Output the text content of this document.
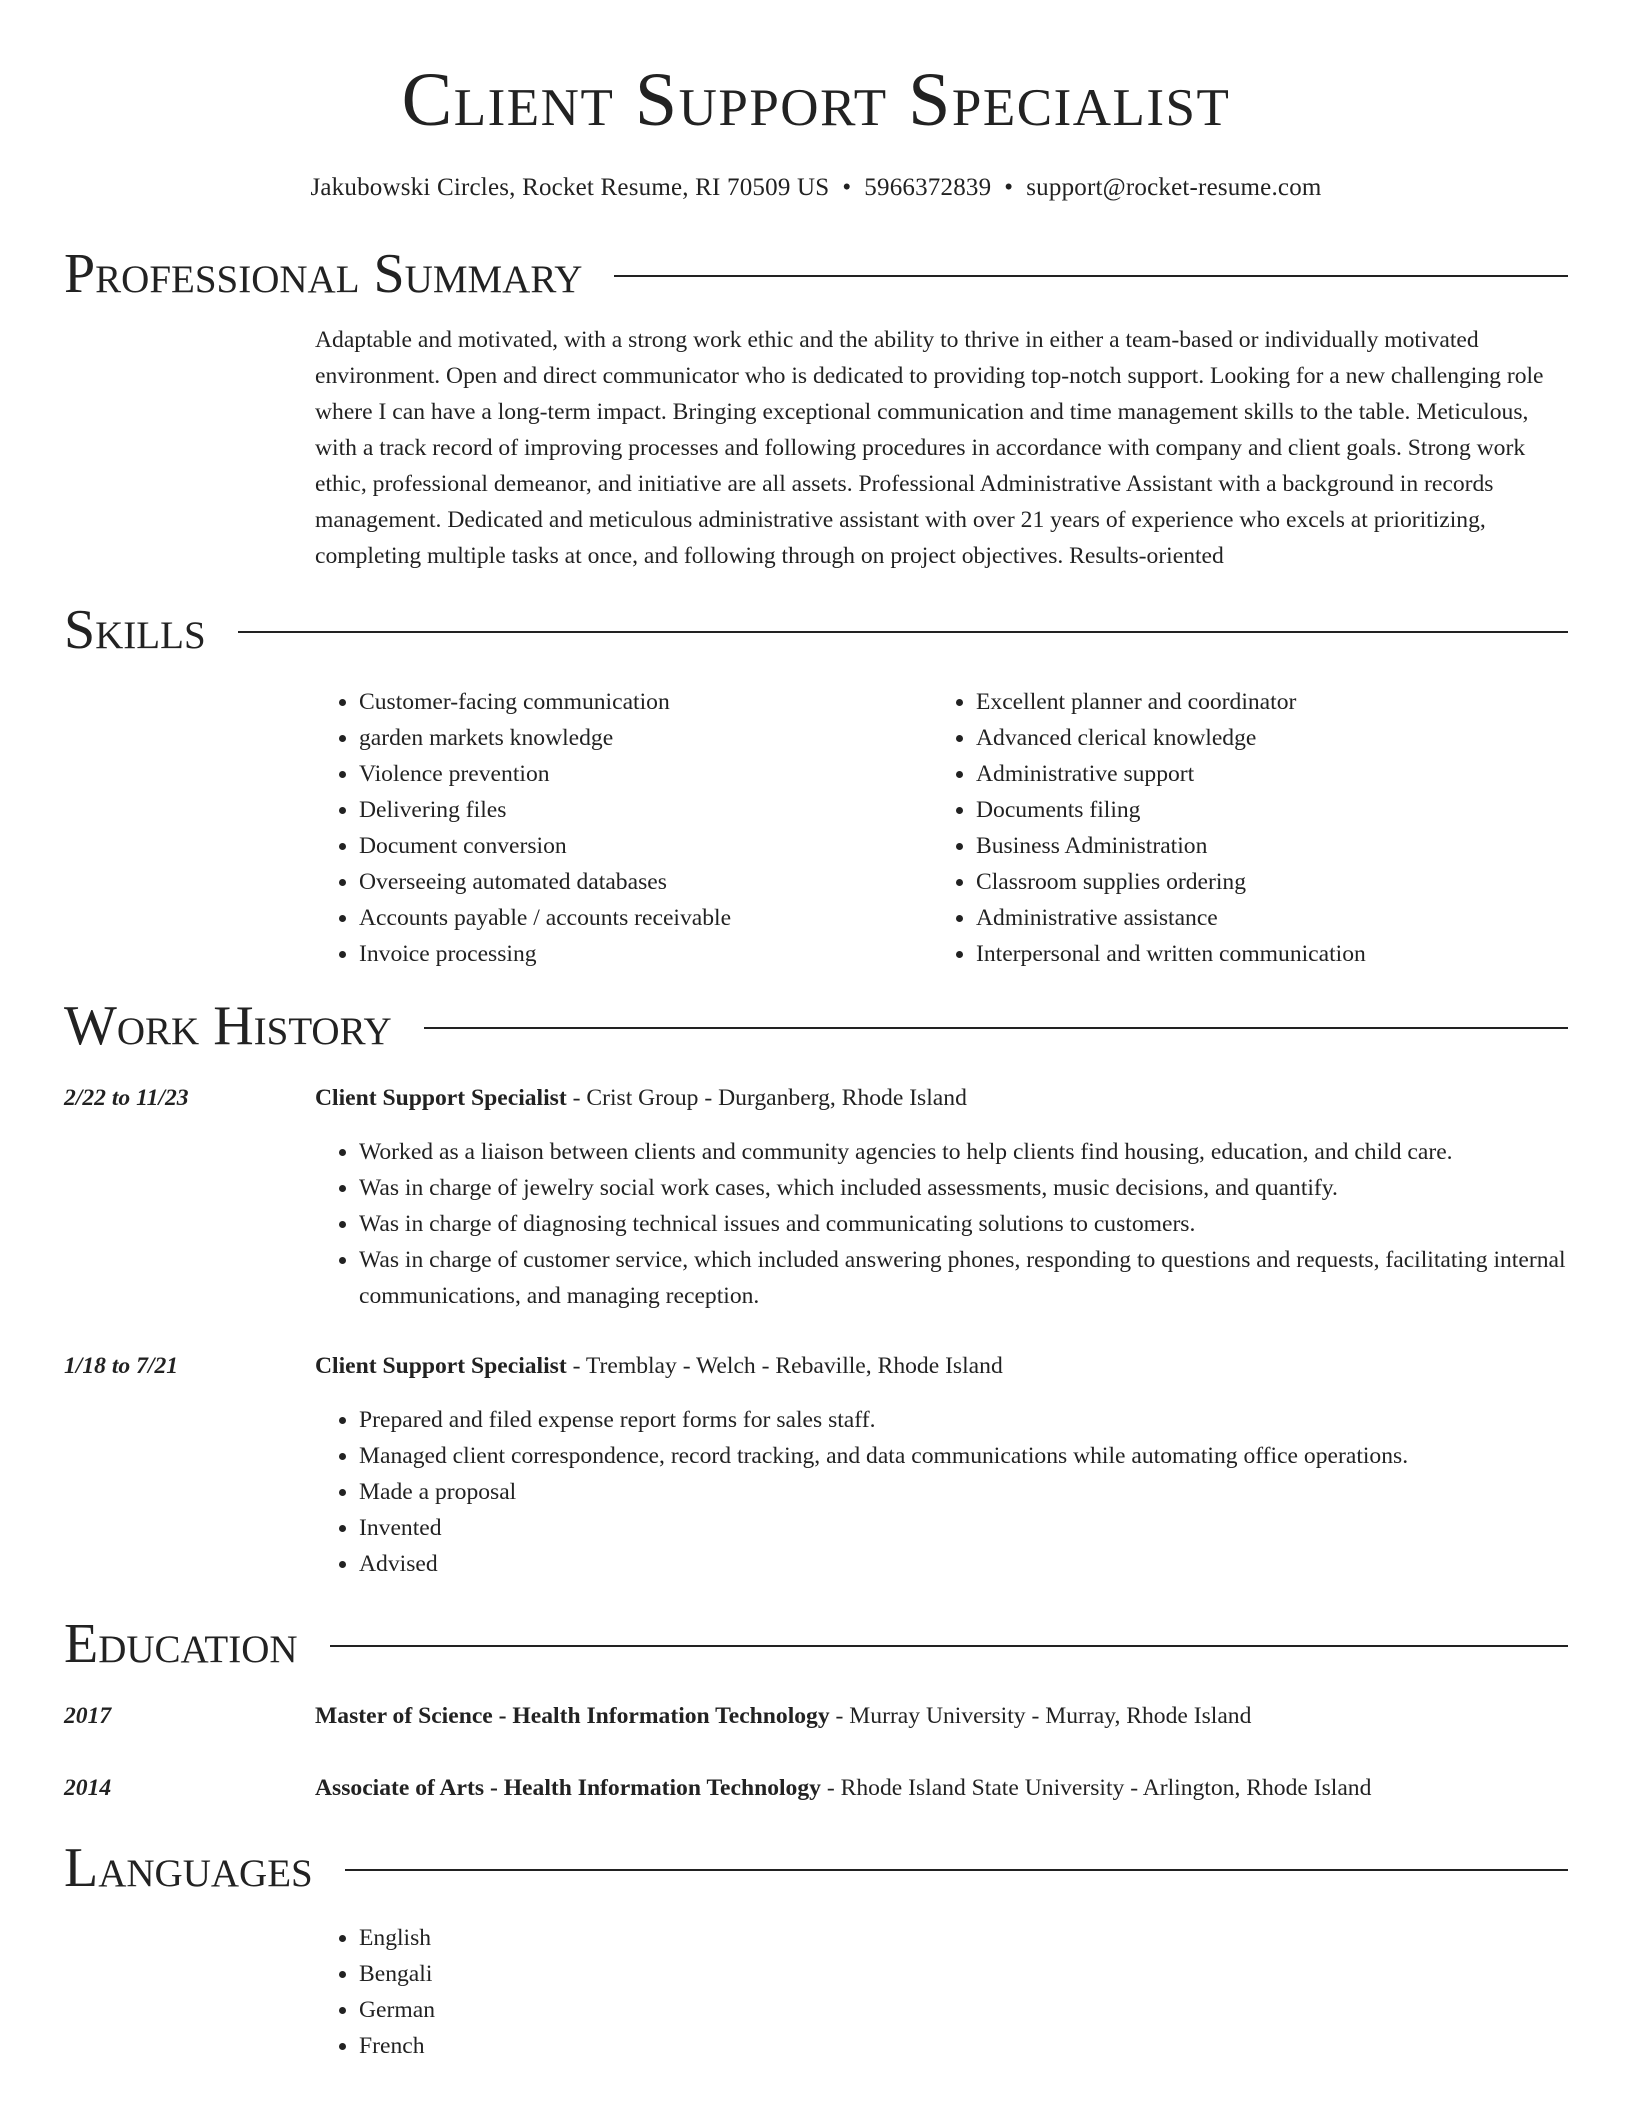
Client Support Specialist
Jakubowski Circles, Rocket Resume, RI 70509 US • 5966372839 • support@rocket-resume.com
Professional Summary

Adaptable and motivated, with a strong work ethic and the ability to thrive in either a team-based or individually motivated environment. Open and direct communicator who is dedicated to providing top-notch support. Looking for a new challenging role where I can have a long-term impact. Bringing exceptional communication and time management skills to the table. Meticulous, with a track record of improving processes and following procedures in accordance with company and client goals. Strong work ethic, professional demeanor, and initiative are all assets. Professional Administrative Assistant with a background in records management. Dedicated and meticulous administrative assistant with over 21 years of experience who excels at prioritizing, completing multiple tasks at once, and following through on project objectives. Results-oriented

Skills
• Customer-facing communication
• garden markets knowledge
• Violence prevention
• Delivering files
• Document conversion
• Overseeing automated databases
• Accounts payable / accounts receivable
• Invoice processing
• Excellent planner and coordinator
• Advanced clerical knowledge
• Administrative support
• Documents filing
• Business Administration
• Classroom supplies ordering
• Administrative assistance
• Interpersonal and written communication
Work History
2/22 to 11/23	Client Support Specialist - Crist Group - Durganberg, Rhode Island
• Worked as a liaison between clients and community agencies to help clients find housing, education, and child care.
• Was in charge of jewelry social work cases, which included assessments, music decisions, and quantify.
• Was in charge of diagnosing technical issues and communicating solutions to customers.
• Was in charge of customer service, which included answering phones, responding to questions and requests, facilitating internal communications, and managing reception.
1/18 to 7/21	Client Support Specialist - Tremblay - Welch - Rebaville, Rhode Island
• Prepared and filed expense report forms for sales staff.
• Managed client correspondence, record tracking, and data communications while automating office operations.
• Made a proposal
• Invented
• Advised
Education
2017	Master of Science - Health Information Technology - Murray University - Murray, Rhode Island
2014	Associate of Arts - Health Information Technology - Rhode Island State University - Arlington, Rhode Island
Languages
• English
• Bengali
• German
• French
